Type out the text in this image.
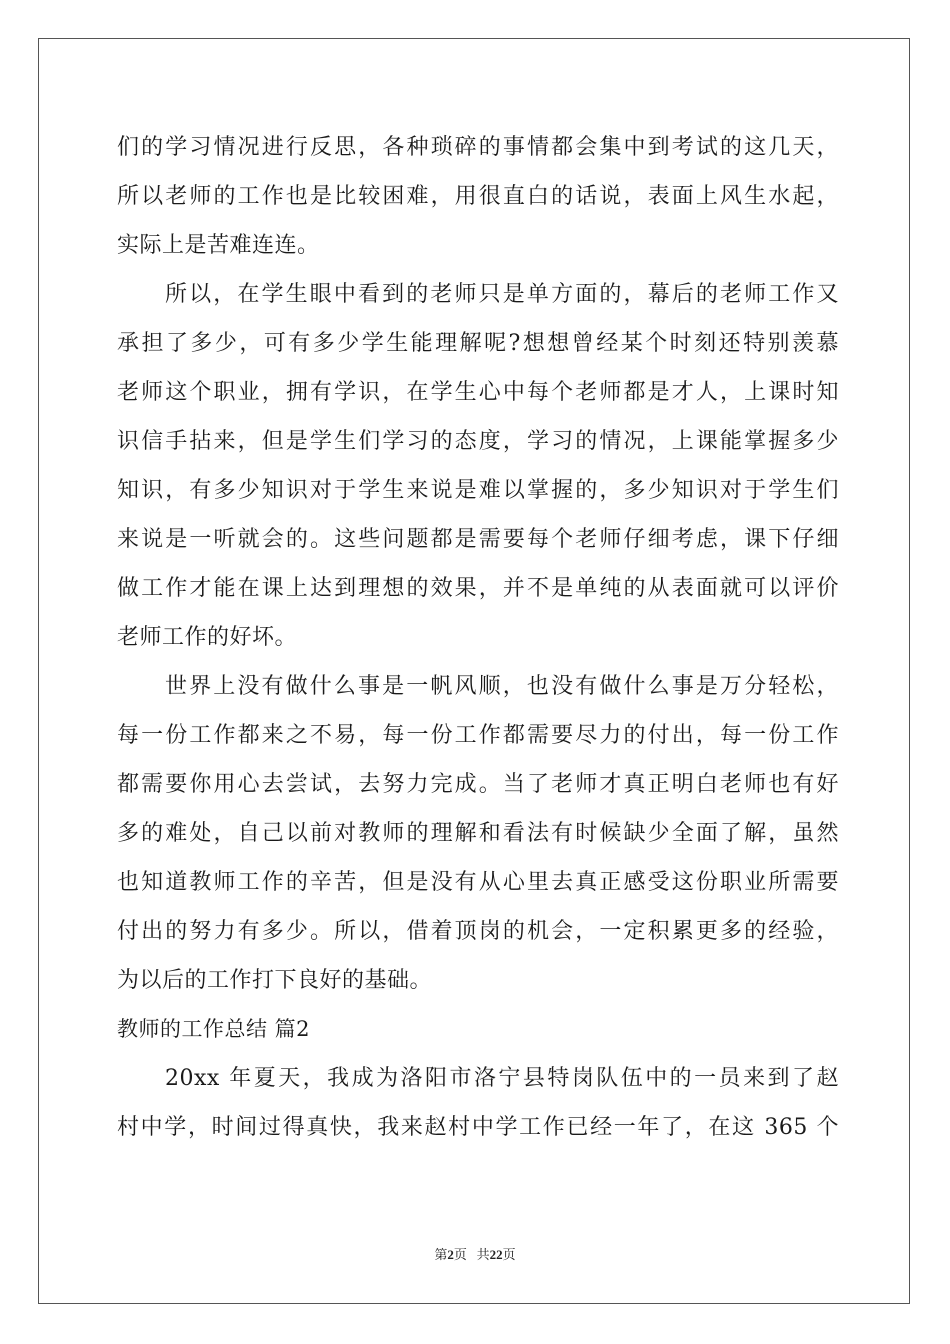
们的学习情况进行反思，各种琐碎的事情都会集中到考试的这几天，
所以老师的工作也是比较困难，用很直白的话说，表面上风生水起，
实际上是苦难连连。
所以，在学生眼中看到的老师只是单方面的，幕后的老师工作又
承担了多少，可有多少学生能理解呢?想想曾经某个时刻还特别羡慕
老师这个职业，拥有学识，在学生心中每个老师都是才人，上课时知
识信手拈来，但是学生们学习的态度，学习的情况，上课能掌握多少
知识，有多少知识对于学生来说是难以掌握的，多少知识对于学生们
来说是一听就会的。这些问题都是需要每个老师仔细考虑，课下仔细
做工作才能在课上达到理想的效果，并不是单纯的从表面就可以评价
老师工作的好坏。
世界上没有做什么事是一帆风顺，也没有做什么事是万分轻松，
每一份工作都来之不易，每一份工作都需要尽力的付出，每一份工作
都需要你用心去尝试，去努力完成。当了老师才真正明白老师也有好
多的难处，自己以前对教师的理解和看法有时候缺少全面了解，虽然
也知道教师工作的辛苦，但是没有从心里去真正感受这份职业所需要
付出的努力有多少。所以，借着顶岗的机会，一定积累更多的经验，
为以后的工作打下良好的基础。
教师的工作总结 篇2
20xx 年夏天，我成为洛阳市洛宁县特岗队伍中的一员来到了赵
村中学，时间过得真快，我来赵村中学工作已经一年了，在这 365 个
第2页 共22页
